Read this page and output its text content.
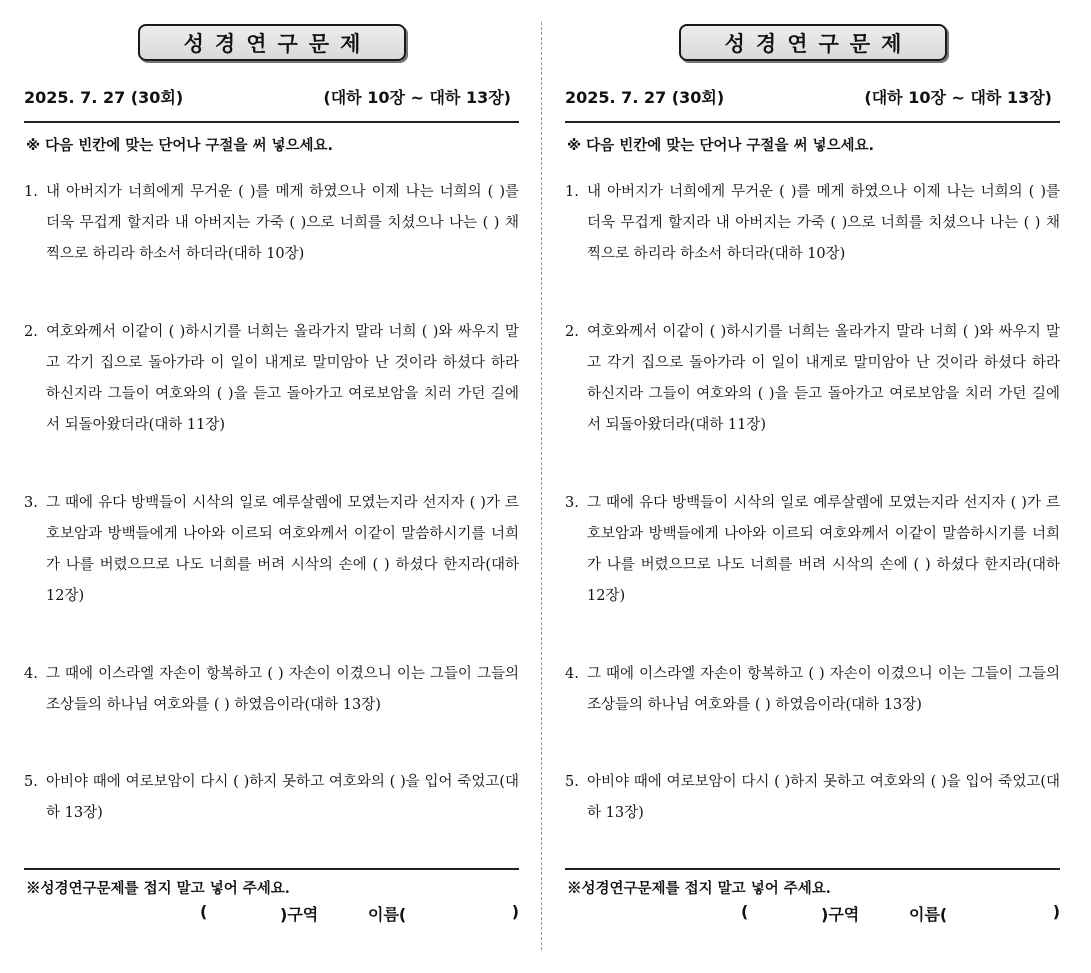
성경연구문제
2025. 7. 27 (30회)	(대하 10장 ~ 대하 13장)
※ 다음 빈칸에 맞는 단어나 구절을 써 넣으세요.
1. 내 아버지가 너희에게 무거운 ( )를 메게 하였으나 이제 나는 너희의 ( )를 더욱 무겁게 할지라 내 아버지는 가죽 ( )으로 너희를 치셨으나 나는 ( ) 채찍으로 하리라 하소서 하더라(대하 10장)
2. 여호와께서 이같이 ( )하시기를 너희는 올라가지 말라 너희 ( )와 싸우지 말고 각기 집으로 돌아가라 이 일이 내게로 말미암아 난 것이라 하셨다 하라 하신지라 그들이 여호와의 ( )을 듣고 돌아가고 여로보암을 치러 가던 길에서 되돌아왔더라(대하 11장)
3. 그 때에 유다 방백들이 시삭의 일로 예루살렘에 모였는지라 선지자 ( )가 르호보암과 방백들에게 나아와 이르되 여호와께서 이같이 말씀하시기를 너희가 나를 버렸으므로 나도 너희를 버려 시삭의 손에 ( ) 하셨다 한지라(대하 12장)
4. 그 때에 이스라엘 자손이 항복하고 ( ) 자손이 이겼으니 이는 그들이 그들의 조상들의 하나님 여호와를 ( ) 하였음이라(대하 13장)
5. 아비야 때에 여로보암이 다시 ( )하지 못하고 여호와의 ( )을 입어 죽었고(대하 13장)
※성경연구문제를 접지 말고 넣어 주세요.
(	)구역	이름(	)
성경연구문제
2025. 7. 27 (30회)	(대하 10장 ~ 대하 13장)
※ 다음 빈칸에 맞는 단어나 구절을 써 넣으세요.
1. 내 아버지가 너희에게 무거운 ( )를 메게 하였으나 이제 나는 너희의 ( )를 더욱 무겁게 할지라 내 아버지는 가죽 ( )으로 너희를 치셨으나 나는 ( ) 채찍으로 하리라 하소서 하더라(대하 10장)
2. 여호와께서 이같이 ( )하시기를 너희는 올라가지 말라 너희 ( )와 싸우지 말고 각기 집으로 돌아가라 이 일이 내게로 말미암아 난 것이라 하셨다 하라 하신지라 그들이 여호와의 ( )을 듣고 돌아가고 여로보암을 치러 가던 길에서 되돌아왔더라(대하 11장)
3. 그 때에 유다 방백들이 시삭의 일로 예루살렘에 모였는지라 선지자 ( )가 르호보암과 방백들에게 나아와 이르되 여호와께서 이같이 말씀하시기를 너희가 나를 버렸으므로 나도 너희를 버려 시삭의 손에 ( ) 하셨다 한지라(대하 12장)
4. 그 때에 이스라엘 자손이 항복하고 ( ) 자손이 이겼으니 이는 그들이 그들의 조상들의 하나님 여호와를 ( ) 하였음이라(대하 13장)
5. 아비야 때에 여로보암이 다시 ( )하지 못하고 여호와의 ( )을 입어 죽었고(대하 13장)
※성경연구문제를 접지 말고 넣어 주세요.
(	)구역	이름(	)
